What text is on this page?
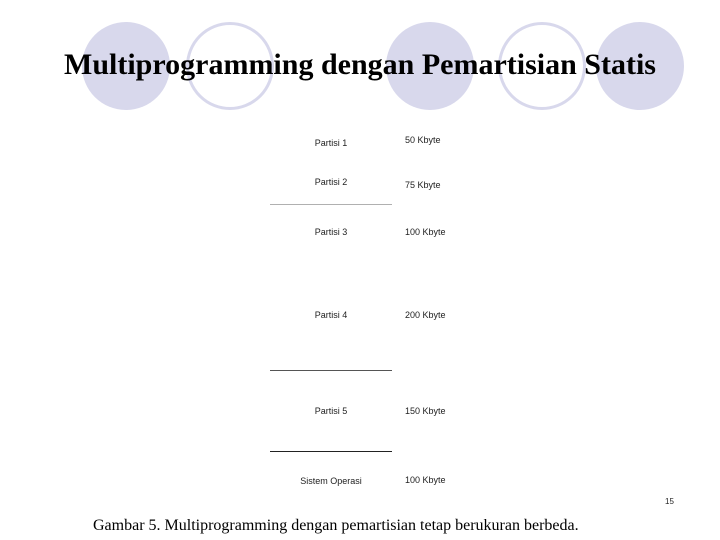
Multiprogramming dengan Pemartisian Statis
Partisi 1	50 Kbyte
Partisi 2	75 Kbyte
Partisi 3	100 Kbyte
Partisi 4	200 Kbyte
Partisi 5	150 Kbyte
Sistem Operasi	100 Kbyte
15
Gambar 5. Multiprogramming dengan pemartisian tetap berukuran berbeda.
